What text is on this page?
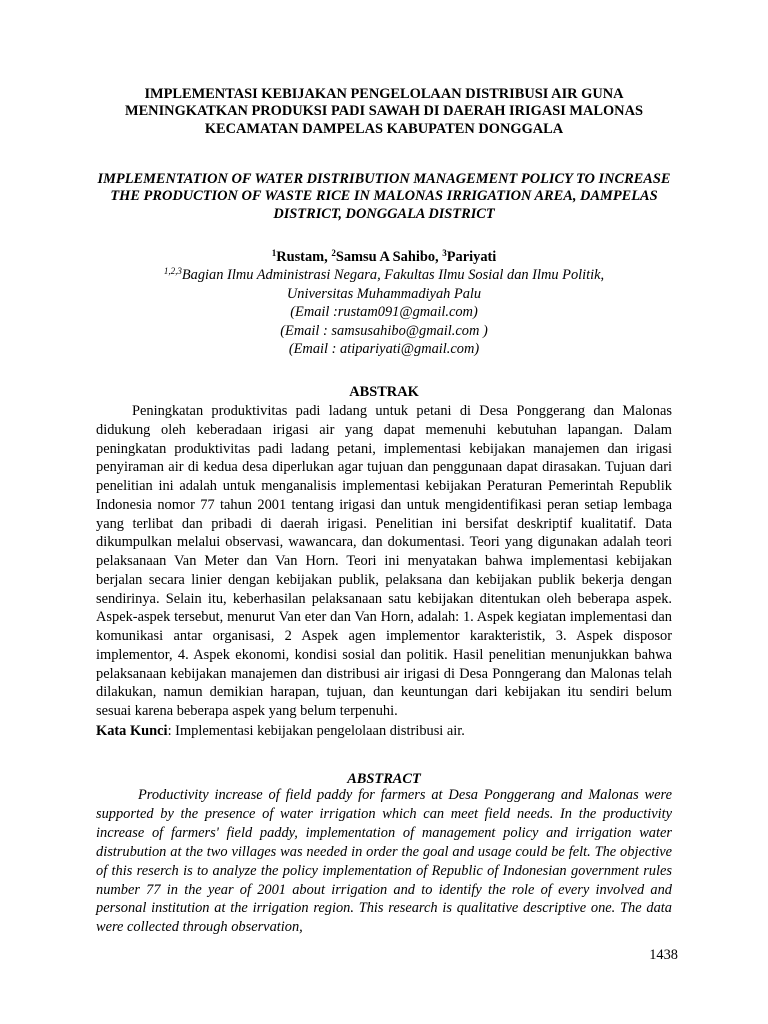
IMPLEMENTASI KEBIJAKAN PENGELOLAAN DISTRIBUSI AIR GUNA MENINGKATKAN PRODUKSI PADI SAWAH DI DAERAH IRIGASI MALONAS KECAMATAN DAMPELAS KABUPATEN DONGGALA
IMPLEMENTATION OF WATER DISTRIBUTION MANAGEMENT POLICY TO INCREASE THE PRODUCTION OF WASTE RICE IN MALONAS IRRIGATION AREA, DAMPELAS DISTRICT, DONGGALA DISTRICT
$^1$Rustam, $^2$Samsu A Sahibo, $^3$Pariyati
$^{1,2,3}$Bagian Ilmu Administrasi Negara, Fakultas Ilmu Sosial dan Ilmu Politik,
Universitas Muhammadiyah Palu
(Email :rustam091@gmail.com)
(Email : samsusahibo@gmail.com )
(Email : atipariyati@gmail.com)
ABSTRAK

Peningkatan produktivitas padi ladang untuk petani di Desa Ponggerang dan Malonas didukung oleh keberadaan irigasi air yang dapat memenuhi kebutuhan lapangan. Dalam peningkatan produktivitas padi ladang petani, implementasi kebijakan manajemen dan irigasi penyiraman air di kedua desa diperlukan agar tujuan dan penggunaan dapat dirasakan. Tujuan dari penelitian ini adalah untuk menganalisis implementasi kebijakan Peraturan Pemerintah Republik Indonesia nomor 77 tahun 2001 tentang irigasi dan untuk mengidentifikasi peran setiap lembaga yang terlibat dan pribadi di daerah irigasi. Penelitian ini bersifat deskriptif kualitatif. Data dikumpulkan melalui observasi, wawancara, dan dokumentasi. Teori yang digunakan adalah teori pelaksanaan Van Meter dan Van Horn. Teori ini menyatakan bahwa implementasi kebijakan berjalan secara linier dengan kebijakan publik, pelaksana dan kebijakan publik bekerja dengan sendirinya. Selain itu, keberhasilan pelaksanaan satu kebijakan ditentukan oleh beberapa aspek. Aspek-aspek tersebut, menurut Van eter dan Van Horn, adalah: 1. Aspek kegiatan implementasi dan komunikasi antar organisasi, 2 Aspek agen implementor karakteristik, 3. Aspek disposor implementor, 4. Aspek ekonomi, kondisi sosial dan politik. Hasil penelitian menunjukkan bahwa pelaksanaan kebijakan manajemen dan distribusi air irigasi di Desa Ponngerang dan Malonas telah dilakukan, namun demikian harapan, tujuan, dan keuntungan dari kebijakan itu sendiri belum sesuai karena beberapa aspek yang belum terpenuhi.

Kata Kunci: Implementasi kebijakan pengelolaan distribusi air.
ABSTRACT

Productivity increase of field paddy for farmers at Desa Ponggerang and Malonas were supported by the presence of water irrigation which can meet field needs. In the productivity increase of farmers' field paddy, implementation of management policy and irrigation water distrubution at the two villages was needed in order the goal and usage could be felt. The objective of this reserch is to analyze the policy implementation of Republic of Indonesian government rules number 77 in the year of 2001 about irrigation and to identify the role of every involved and personal institution at the irrigation region. This research is qualitative descriptive one. The data were collected through observation,

1438
